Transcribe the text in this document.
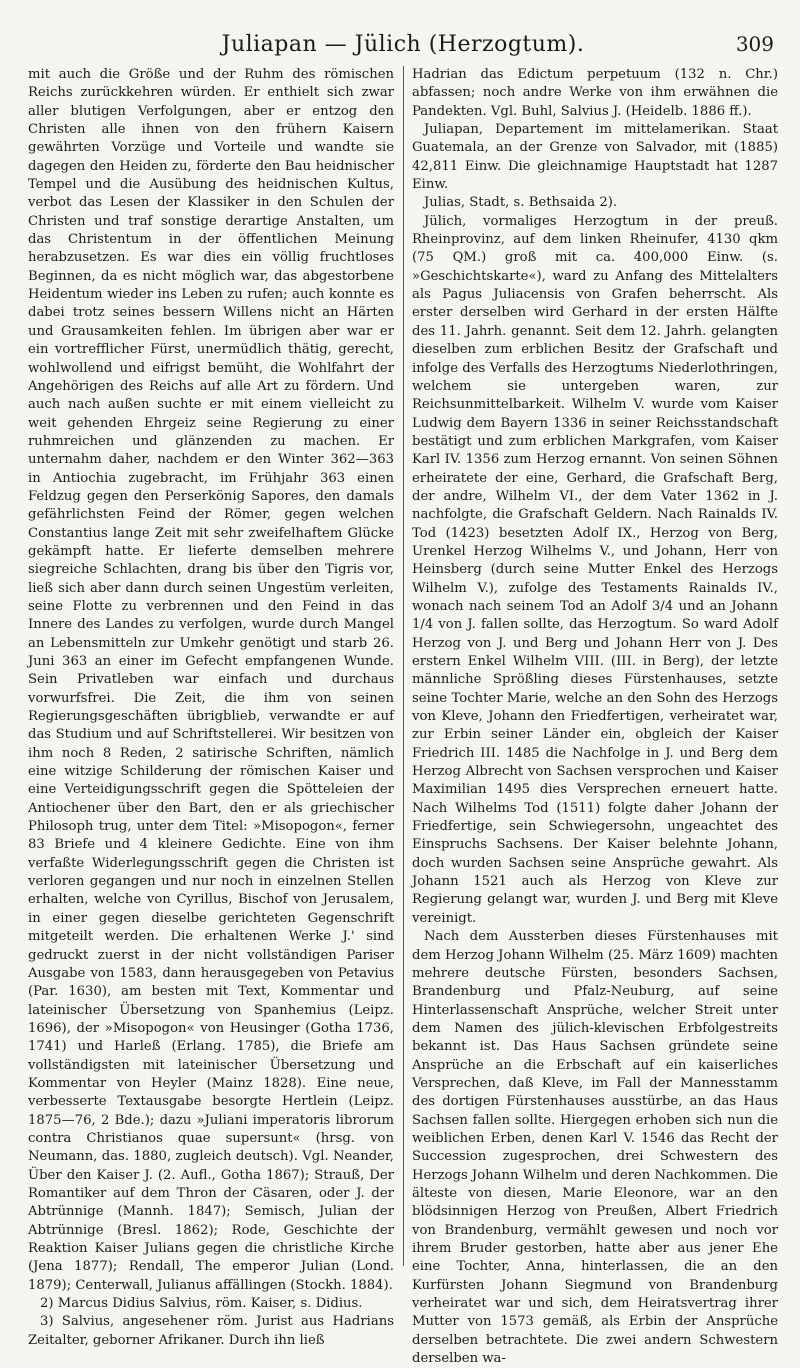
Juliapan — Jülich (Herzogtum).	309

mit auch die Größe und der Ruhm des römischen Reichs zurückkehren würden. Er enthielt sich zwar aller blutigen Verfolgungen, aber er entzog den Christen alle ihnen von den frühern Kaisern gewährten Vorzüge und Vorteile und wandte sie dagegen den Heiden zu, förderte den Bau heidnischer Tempel und die Ausübung des heidnischen Kultus, verbot das Lesen der Klassiker in den Schulen der Christen und traf sonstige derartige Anstalten, um das Christentum in der öffentlichen Meinung herabzusetzen. Es war dies ein völlig fruchtloses Beginnen, da es nicht möglich war, das abgestorbene Heidentum wieder ins Leben zu rufen; auch konnte es dabei trotz seines bessern Willens nicht an Härten und Grausamkeiten fehlen. Im übrigen aber war er ein vortrefflicher Fürst, unermüdlich thätig, gerecht, wohlwollend und eifrigst bemüht, die Wohlfahrt der Angehörigen des Reichs auf alle Art zu fördern. Und auch nach außen suchte er mit einem vielleicht zu weit gehenden Ehrgeiz seine Regierung zu einer ruhmreichen und glänzenden zu machen. Er unternahm daher, nachdem er den Winter 362—363 in Antiochia zugebracht, im Frühjahr 363 einen Feldzug gegen den Perserkönig Sapores, den damals gefährlichsten Feind der Römer, gegen welchen Constantius lange Zeit mit sehr zweifelhaftem Glücke gekämpft hatte. Er lieferte demselben mehrere siegreiche Schlachten, drang bis über den Tigris vor, ließ sich aber dann durch seinen Ungestüm verleiten, seine Flotte zu verbrennen und den Feind in das Innere des Landes zu verfolgen, wurde durch Mangel an Lebensmitteln zur Umkehr genötigt und starb 26. Juni 363 an einer im Gefecht empfangenen Wunde. Sein Privatleben war einfach und durchaus vorwurfsfrei. Die Zeit, die ihm von seinen Regierungsgeschäften übrigblieb, verwandte er auf das Studium und auf Schriftstellerei. Wir besitzen von ihm noch 8 Reden, 2 satirische Schriften, nämlich eine witzige Schilderung der römischen Kaiser und eine Verteidigungsschrift gegen die Spötteleien der Antiochener über den Bart, den er als griechischer Philosoph trug, unter dem Titel: »Misopogon«, ferner 83 Briefe und 4 kleinere Gedichte. Eine von ihm verfaßte Widerlegungsschrift gegen die Christen ist verloren gegangen und nur noch in einzelnen Stellen erhalten, welche von Cyrillus, Bischof von Jerusalem, in einer gegen dieselbe gerichteten Gegenschrift mitgeteilt werden. Die erhaltenen Werke J.' sind gedruckt zuerst in der nicht vollständigen Pariser Ausgabe von 1583, dann herausgegeben von Petavius (Par. 1630), am besten mit Text, Kommentar und lateinischer Übersetzung von Spanhemius (Leipz. 1696), der »Misopogon« von Heusinger (Gotha 1736, 1741) und Harleß (Erlang. 1785), die Briefe am vollständigsten mit lateinischer Übersetzung und Kommentar von Heyler (Mainz 1828). Eine neue, verbesserte Textausgabe besorgte Hertlein (Leipz. 1875—76, 2 Bde.); dazu »Juliani imperatoris librorum contra Christianos quae supersunt« (hrsg. von Neumann, das. 1880, zugleich deutsch). Vgl. Neander, Über den Kaiser J. (2. Aufl., Gotha 1867); Strauß, Der Romantiker auf dem Thron der Cäsaren, oder J. der Abtrünnige (Mannh. 1847); Semisch, Julian der Abtrünnige (Bresl. 1862); Rode, Geschichte der Reaktion Kaiser Julians gegen die christliche Kirche (Jena 1877); Rendall, The emperor Julian (Lond. 1879); Centerwall, Julianus affällingen (Stockh. 1884).

2) Marcus Didius Salvius, röm. Kaiser, s. Didius.

3) Salvius, angesehener röm. Jurist aus Hadrians Zeitalter, geborner Afrikaner. Durch ihn ließ

Hadrian das Edictum perpetuum (132 n. Chr.) abfassen; noch andre Werke von ihm erwähnen die Pandekten. Vgl. Buhl, Salvius J. (Heidelb. 1886 ff.).

Juliapan, Departement im mittelamerikan. Staat Guatemala, an der Grenze von Salvador, mit (1885) 42,811 Einw. Die gleichnamige Hauptstadt hat 1287 Einw.

Julias, Stadt, s. Bethsaida 2).

Jülich, vormaliges Herzogtum in der preuß. Rheinprovinz, auf dem linken Rheinufer, 4130 qkm (75 QM.) groß mit ca. 400,000 Einw. (s. »Geschichtskarte«), ward zu Anfang des Mittelalters als Pagus Juliacensis von Grafen beherrscht. Als erster derselben wird Gerhard in der ersten Hälfte des 11. Jahrh. genannt. Seit dem 12. Jahrh. gelangten dieselben zum erblichen Besitz der Grafschaft und infolge des Verfalls des Herzogtums Niederlothringen, welchem sie untergeben waren, zur Reichsunmittelbarkeit. Wilhelm V. wurde vom Kaiser Ludwig dem Bayern 1336 in seiner Reichsstandschaft bestätigt und zum erblichen Markgrafen, vom Kaiser Karl IV. 1356 zum Herzog ernannt. Von seinen Söhnen erheiratete der eine, Gerhard, die Grafschaft Berg, der andre, Wilhelm VI., der dem Vater 1362 in J. nachfolgte, die Grafschaft Geldern. Nach Rainalds IV. Tod (1423) besetzten Adolf IX., Herzog von Berg, Urenkel Herzog Wilhelms V., und Johann, Herr von Heinsberg (durch seine Mutter Enkel des Herzogs Wilhelm V.), zufolge des Testaments Rainalds IV., wonach nach seinem Tod an Adolf 3/4 und an Johann 1/4 von J. fallen sollte, das Herzogtum. So ward Adolf Herzog von J. und Berg und Johann Herr von J. Des erstern Enkel Wilhelm VIII. (III. in Berg), der letzte männliche Sprößling dieses Fürstenhauses, setzte seine Tochter Marie, welche an den Sohn des Herzogs von Kleve, Johann den Friedfertigen, verheiratet war, zur Erbin seiner Länder ein, obgleich der Kaiser Friedrich III. 1485 die Nachfolge in J. und Berg dem Herzog Albrecht von Sachsen versprochen und Kaiser Maximilian 1495 dies Versprechen erneuert hatte. Nach Wilhelms Tod (1511) folgte daher Johann der Friedfertige, sein Schwiegersohn, ungeachtet des Einspruchs Sachsens. Der Kaiser belehnte Johann, doch wurden Sachsen seine Ansprüche gewahrt. Als Johann 1521 auch als Herzog von Kleve zur Regierung gelangt war, wurden J. und Berg mit Kleve vereinigt.

Nach dem Aussterben dieses Fürstenhauses mit dem Herzog Johann Wilhelm (25. März 1609) machten mehrere deutsche Fürsten, besonders Sachsen, Brandenburg und Pfalz-Neuburg, auf seine Hinterlassenschaft Ansprüche, welcher Streit unter dem Namen des jülich-klevischen Erbfolgestreits bekannt ist. Das Haus Sachsen gründete seine Ansprüche an die Erbschaft auf ein kaiserliches Versprechen, daß Kleve, im Fall der Mannesstamm des dortigen Fürstenhauses ausstürbe, an das Haus Sachsen fallen sollte. Hiergegen erhoben sich nun die weiblichen Erben, denen Karl V. 1546 das Recht der Succession zugesprochen, drei Schwestern des Herzogs Johann Wilhelm und deren Nachkommen. Die älteste von diesen, Marie Eleonore, war an den blödsinnigen Herzog von Preußen, Albert Friedrich von Brandenburg, vermählt gewesen und noch vor ihrem Bruder gestorben, hatte aber aus jener Ehe eine Tochter, Anna, hinterlassen, die an den Kurfürsten Johann Siegmund von Brandenburg verheiratet war und sich, dem Heiratsvertrag ihrer Mutter von 1573 gemäß, als Erbin der Ansprüche derselben betrachtete. Die zwei andern Schwestern derselben wa-
